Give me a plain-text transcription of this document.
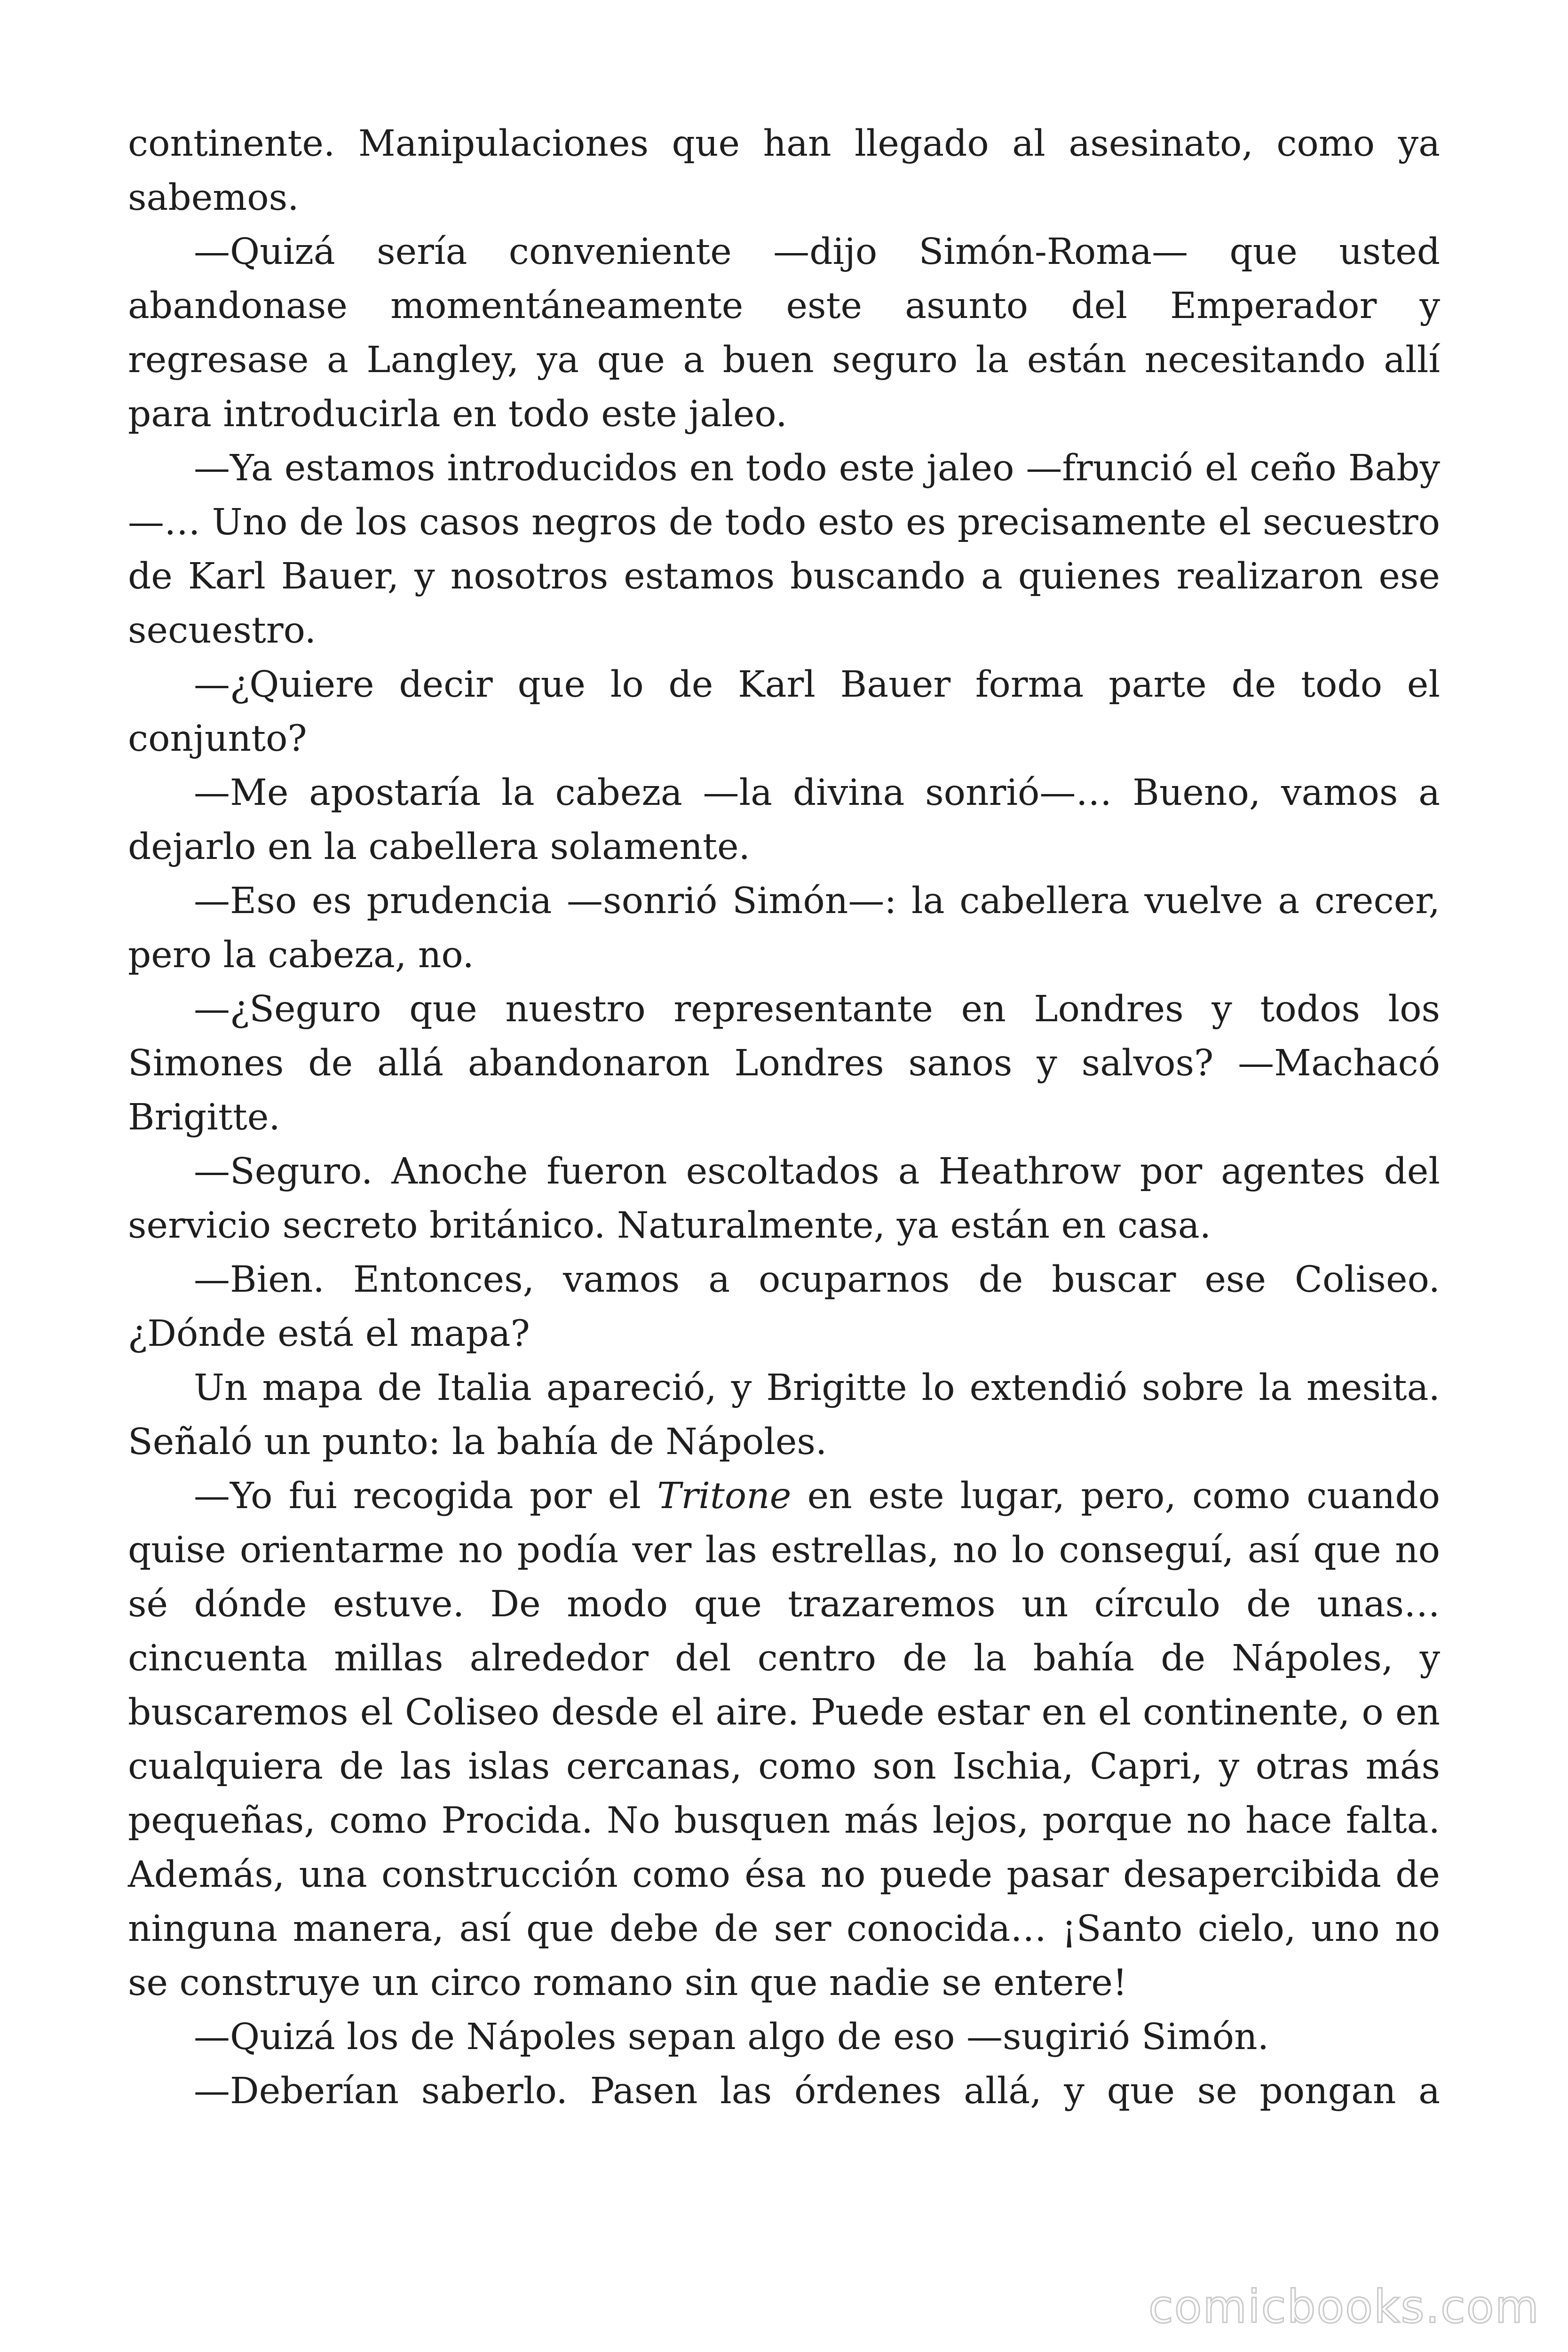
continente. Manipulaciones que han llegado al asesinato, como ya sabemos.

—Quizá sería conveniente —dijo Simón-Roma— que usted abandonase momentáneamente este asunto del Emperador y regresase a Langley, ya que a buen seguro la están necesitando allí para introducirla en todo este jaleo.

—Ya estamos introducidos en todo este jaleo —frunció el ceño Baby—… Uno de los casos negros de todo esto es precisamente el secuestro de Karl Bauer, y nosotros estamos buscando a quienes realizaron ese secuestro.

—¿Quiere decir que lo de Karl Bauer forma parte de todo el conjunto?

—Me apostaría la cabeza —la divina sonrió—… Bueno, vamos a dejarlo en la cabellera solamente.

—Eso es prudencia —sonrió Simón—: la cabellera vuelve a crecer, pero la cabeza, no.

—¿Seguro que nuestro representante en Londres y todos los Simones de allá abandonaron Londres sanos y salvos? —Machacó Brigitte.

—Seguro. Anoche fueron escoltados a Heathrow por agentes del servicio secreto británico. Naturalmente, ya están en casa.

—Bien. Entonces, vamos a ocuparnos de buscar ese Coliseo. ¿Dónde está el mapa?

Un mapa de Italia apareció, y Brigitte lo extendió sobre la mesita. Señaló un punto: la bahía de Nápoles.

—Yo fui recogida por el Tritone en este lugar, pero, como cuando quise orientarme no podía ver las estrellas, no lo conseguí, así que no sé dónde estuve. De modo que trazaremos un círculo de unas… cincuenta millas alrededor del centro de la bahía de Nápoles, y buscaremos el Coliseo desde el aire. Puede estar en el continente, o en cualquiera de las islas cercanas, como son Ischia, Capri, y otras más pequeñas, como Procida. No busquen más lejos, porque no hace falta. Además, una construcción como ésa no puede pasar desapercibida de ninguna manera, así que debe de ser conocida… ¡Santo cielo, uno no se construye un circo romano sin que nadie se entere!

—Quizá los de Nápoles sepan algo de eso —sugirió Simón.

—Deberían saberlo. Pasen las órdenes allá, y que se pongan a

comicbooks.com
